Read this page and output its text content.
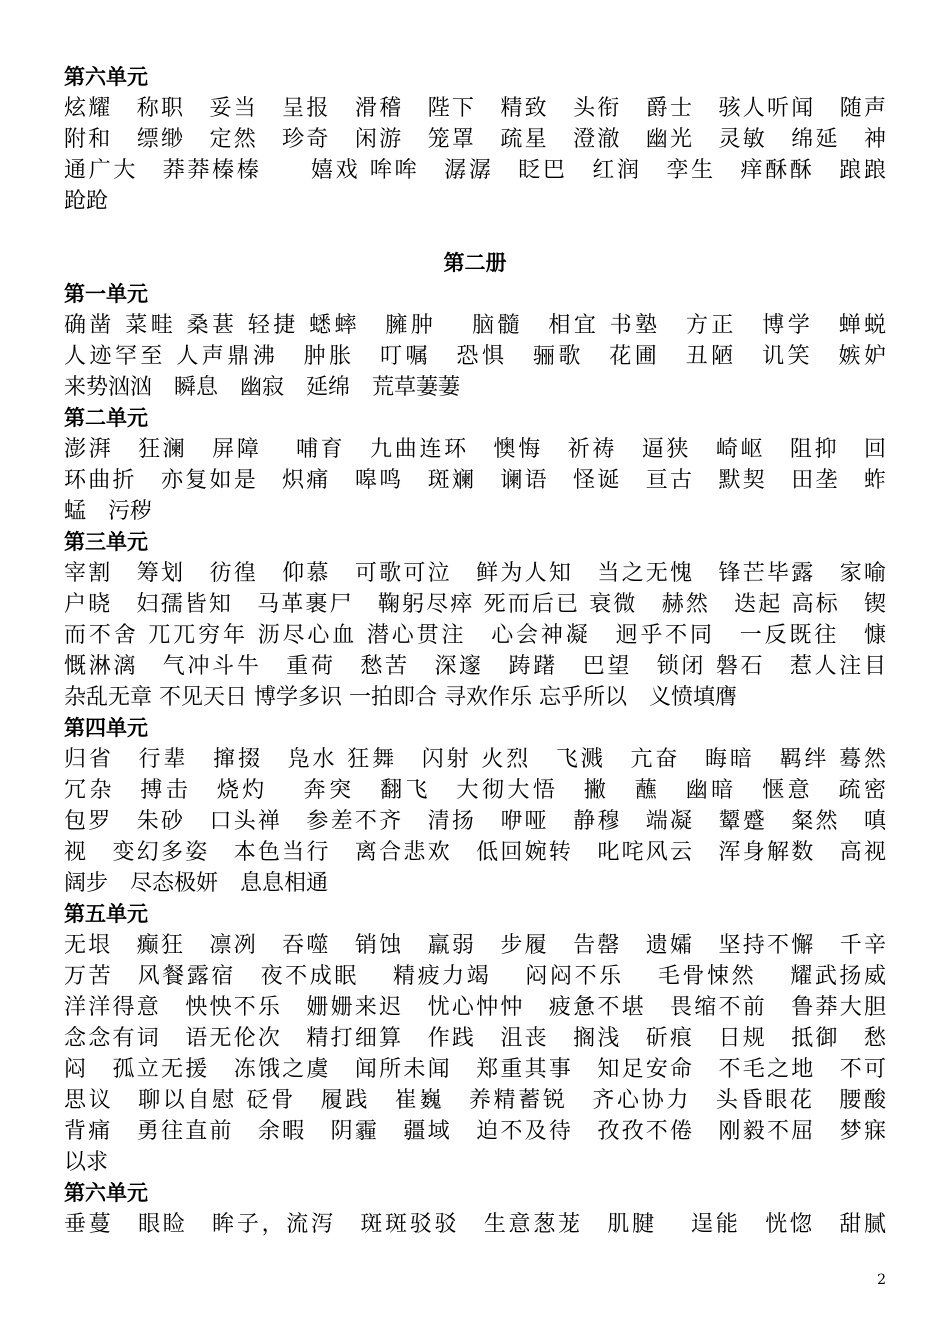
第六单元
炫耀　称职　妥当　呈报　滑稽　陛下　精致　头衔　爵士　骇人听闻　随声
附和　缥缈　定然　珍奇　闲游　笼罩　疏星　澄澈　幽光　灵敏　绵延　神
通广大　莽莽榛榛　　嬉戏 哞哞　潺潺　眨巴　红润　孪生　痒酥酥　踉踉
跄跄
第二册
第一单元
确凿 菜畦 桑葚 轻捷 蟋蟀　臃肿　 脑髓　相宜 书塾　方正　博学　蝉蜕
人迹罕至 人声鼎沸　肿胀　叮嘱　恐惧　骊歌　花圃　丑陋　讥笑　嫉妒
来势汹汹　瞬息　幽寂　延绵　荒草萋萋
第二单元
澎湃　狂澜　屏障　 哺育　九曲连环　懊悔　祈祷　逼狭　崎岖　阻抑　回
环曲折　亦复如是　炽痛　嗥鸣　斑斓　谰语　怪诞　亘古　默契　田垄　蚱
蜢　污秽
第三单元
宰割　筹划　彷徨　仰慕　可歌可泣　鲜为人知　当之无愧　锋芒毕露　家喻
户晓　妇孺皆知　马革裹尸　鞠躬尽瘁 死而后已 衰微　赫然　迭起 高标　锲
而不舍 兀兀穷年 沥尽心血 潜心贯注　心会神凝　迥乎不同　一反既往　慷
慨淋漓　气冲斗牛　重荷　愁苦　深邃　踌躇　巴望　锁闭 磐石　惹人注目
杂乱无章 不见天日 博学多识 一拍即合 寻欢作乐 忘乎所以　义愤填膺
第四单元
归省　行辈　撺掇　凫水 狂舞　闪射 火烈　飞溅　亢奋　晦暗　羁绊 蓦然
冗杂　搏击　烧灼　 奔突　翻飞　大彻大悟　撇　蘸　幽暗　惬意　疏密
包罗　朱砂　口头禅　参差不齐　清扬　咿哑　静穆　端凝　颦蹙　粲然　嗔
视　变幻多姿　本色当行　离合悲欢　低回婉转　叱咤风云　浑身解数　高视
阔步　尽态极妍　息息相通
第五单元
无垠　癫狂　凛冽　吞噬　销蚀　羸弱　步履　告罄　遗孀　坚持不懈　千辛
万苦　风餐露宿　夜不成眠　 精疲力竭　 闷闷不乐　 毛骨悚然　 耀武扬威
洋洋得意　怏怏不乐　姗姗来迟　忧心忡忡　疲惫不堪　畏缩不前　鲁莽大胆
念念有词　语无伦次　精打细算　作践　沮丧　搁浅　斫痕　日规　抵御　愁
闷　孤立无援　冻饿之虞　闻所未闻　郑重其事　知足安命　不毛之地　不可
思议　聊以自慰 砭骨　履践　崔巍　养精蓄锐　齐心协力　头昏眼花　腰酸
背痛　勇往直前　余暇　阴霾　疆域　迫不及待　孜孜不倦　刚毅不屈　梦寐
以求
第六单元
垂蔓　眼睑　眸子，流泻　斑斑驳驳　生意葱茏　肌腱　 逞能　恍惚　甜腻
2
